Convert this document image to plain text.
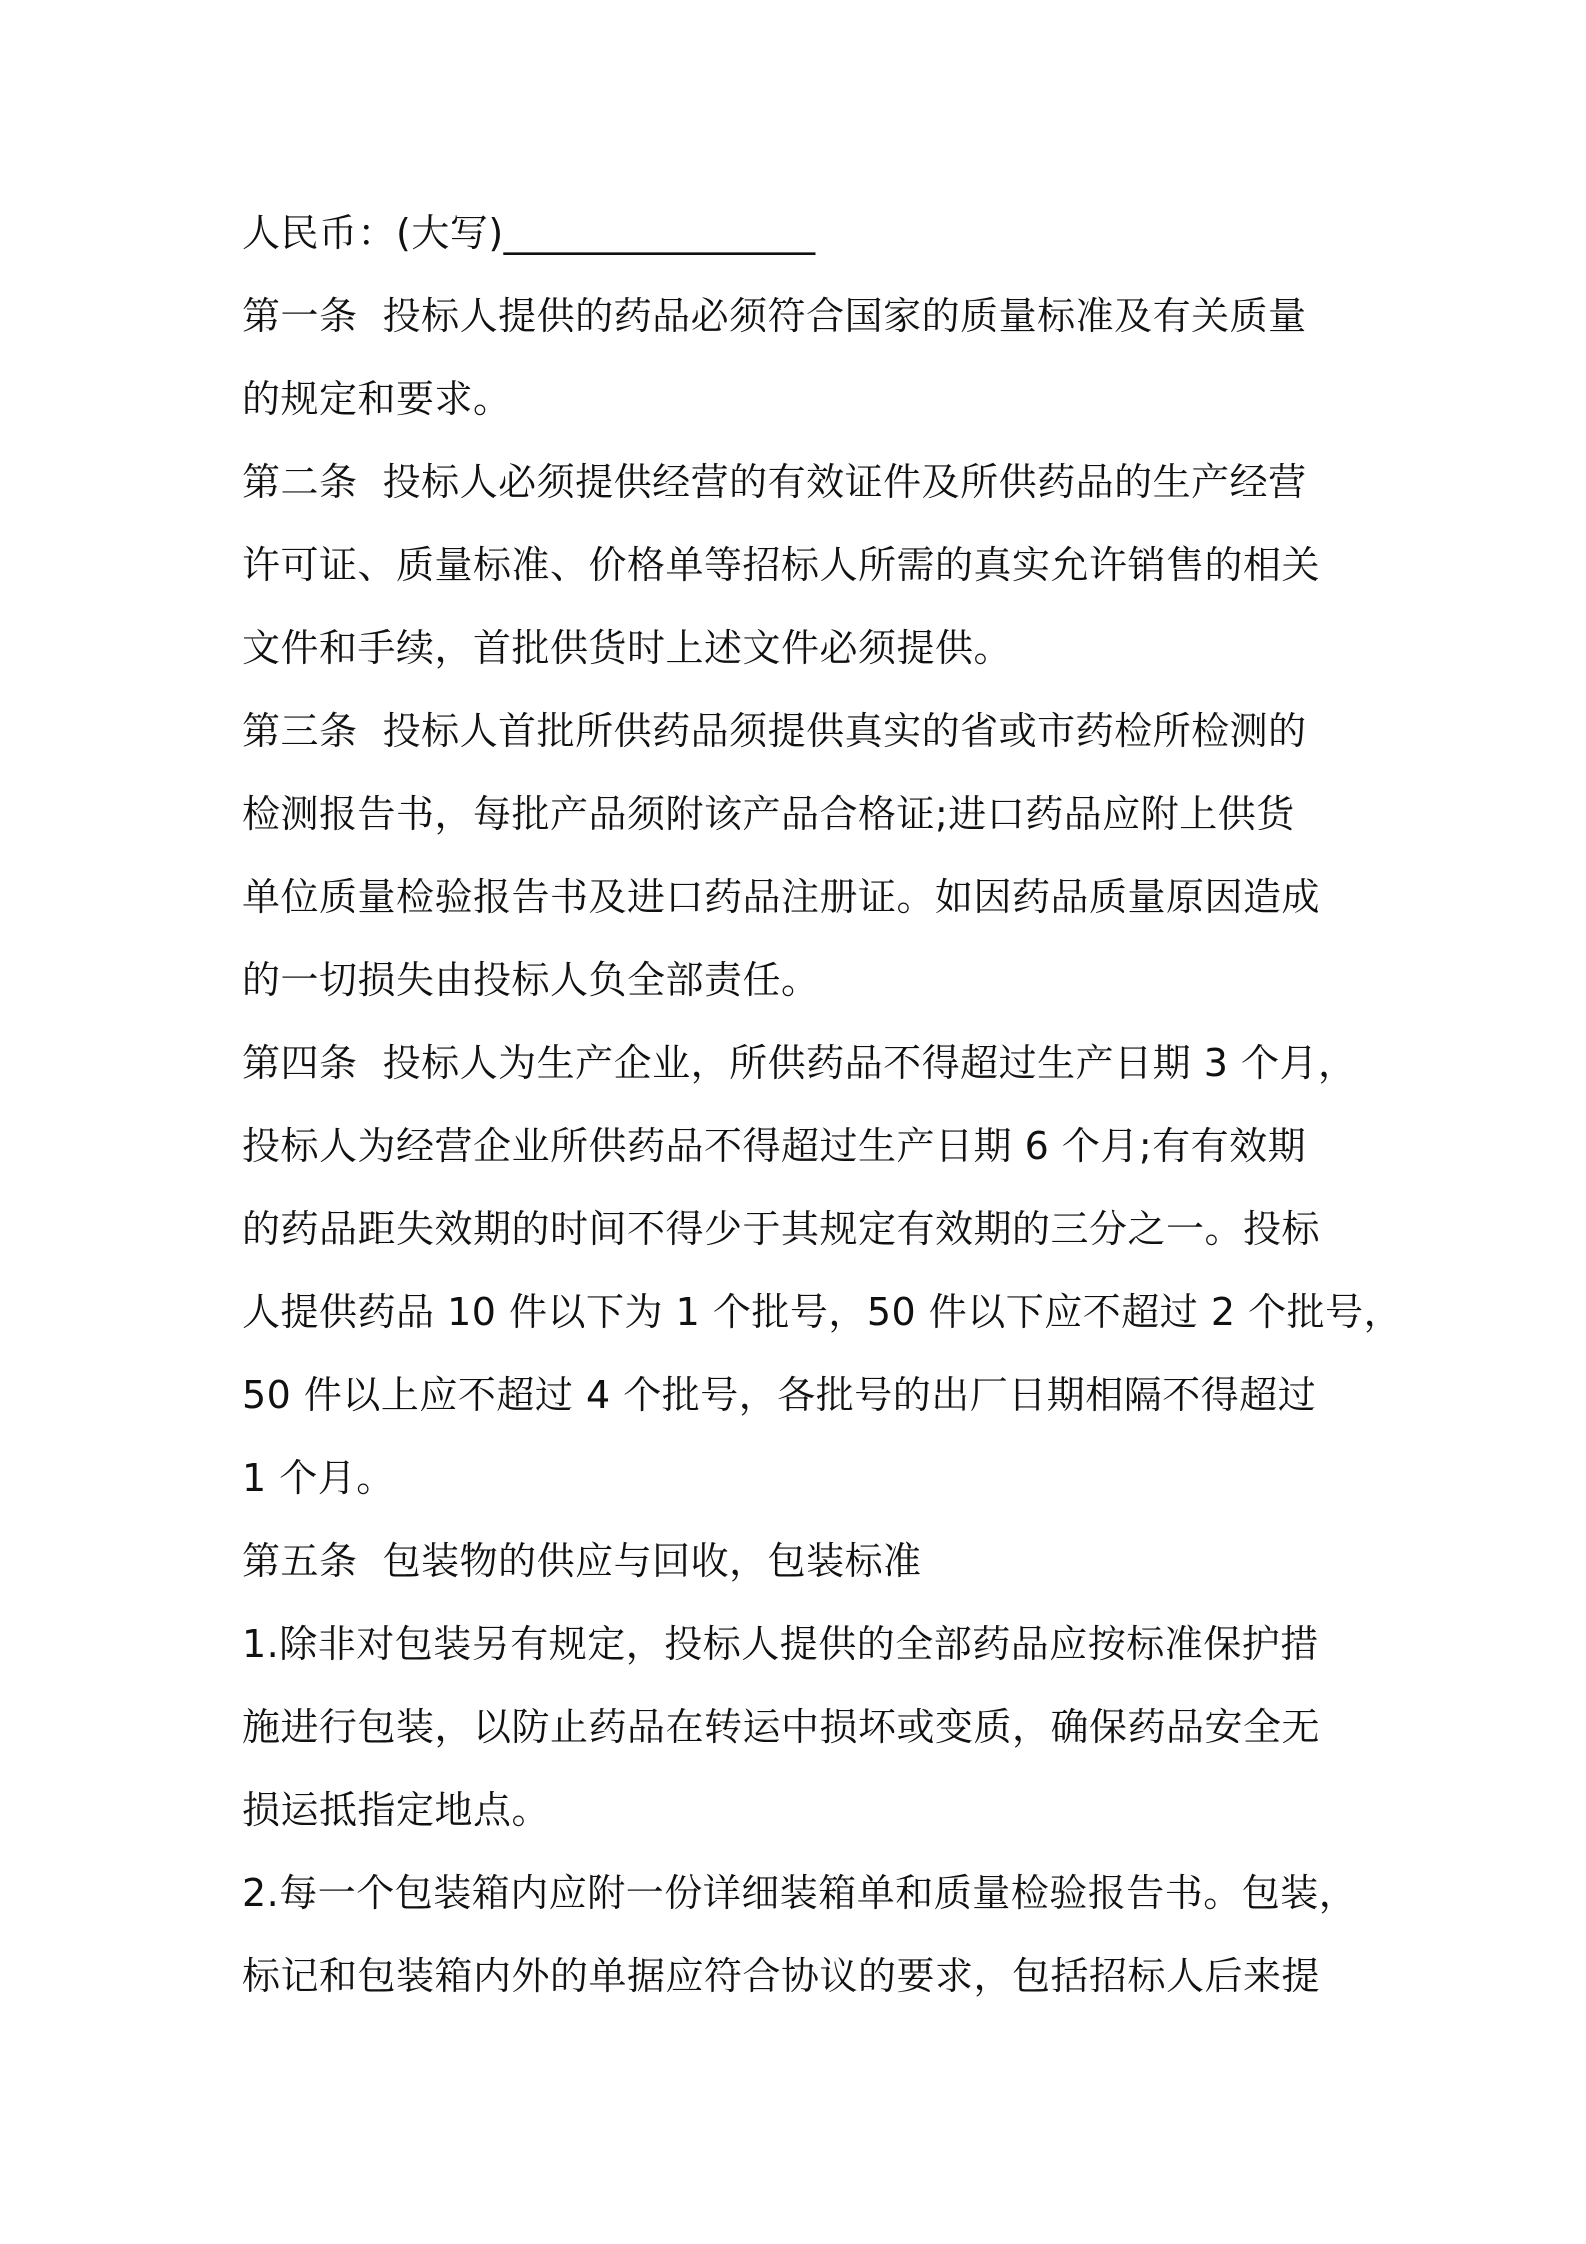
人民币：(大写)________________
第一条  投标人提供的药品必须符合国家的质量标准及有关质量
的规定和要求。
第二条  投标人必须提供经营的有效证件及所供药品的生产经营
许可证、质量标准、价格单等招标人所需的真实允许销售的相关
文件和手续，首批供货时上述文件必须提供。
第三条  投标人首批所供药品须提供真实的省或市药检所检测的
检测报告书，每批产品须附该产品合格证;进口药品应附上供货
单位质量检验报告书及进口药品注册证。如因药品质量原因造成
的一切损失由投标人负全部责任。
第四条  投标人为生产企业，所供药品不得超过生产日期 3 个月，
投标人为经营企业所供药品不得超过生产日期 6 个月;有有效期
的药品距失效期的时间不得少于其规定有效期的三分之一。投标
人提供药品 10 件以下为 1 个批号，50 件以下应不超过 2 个批号，
50 件以上应不超过 4 个批号，各批号的出厂日期相隔不得超过
1 个月。
第五条  包装物的供应与回收，包装标准
1.除非对包装另有规定，投标人提供的全部药品应按标准保护措
施进行包装，以防止药品在转运中损坏或变质，确保药品安全无
损运抵指定地点。
2.每一个包装箱内应附一份详细装箱单和质量检验报告书。包装，
标记和包装箱内外的单据应符合协议的要求，包括招标人后来提
